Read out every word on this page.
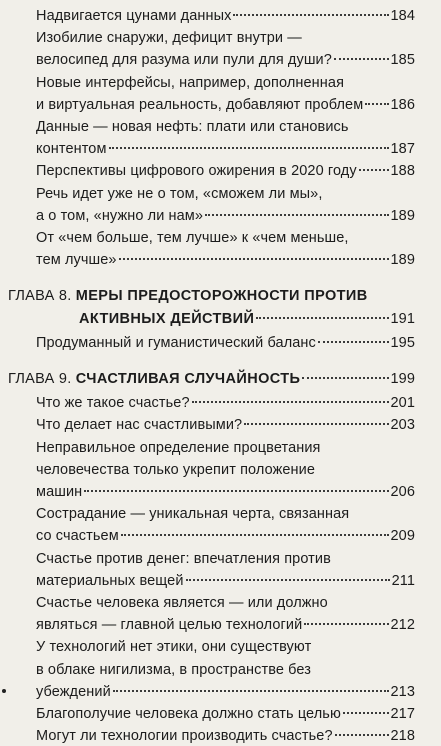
Надвигается цунами данных	184
Изобилие снаружи, дефицит внутри —
велосипед для разума или пули для души?	185
Новые интерфейсы, например, дополненная
и виртуальная реальность, добавляют проблем 186
Данные — новая нефть: плати или становись
контентом	187
Перспективы цифрового ожирения в 2020 году 188
Речь идет уже не о том, «сможем ли мы»,
а о том, «нужно ли нам»	189
От «чем больше, тем лучше» к «чем меньше,
тем лучше»	189
ГЛАВА 8. МЕРЫ ПРЕДОСТОРОЖНОСТИ ПРОТИВ
АКТИВНЫХ ДЕЙСТВИЙ	191
Продуманный и гуманистический баланс	195
ГЛАВА 9. СЧАСТЛИВАЯ СЛУЧАЙНОСТЬ	199
Что же такое счастье?	201
Что делает нас счастливыми?	203
Неправильное определение процветания
человечества только укрепит положение
машин	206
Сострадание — уникальная черта, связанная
со счастьем	209
Счастье против денег: впечатления против
материальных вещей	211
Счастье человека является — или должно
являться — главной целью технологий	212
У технологий нет этики, они существуют
в облаке нигилизма, в пространстве без
убеждений	213
Благополучие человека должно стать целью	217
Могут ли технологии производить счастье?	218
